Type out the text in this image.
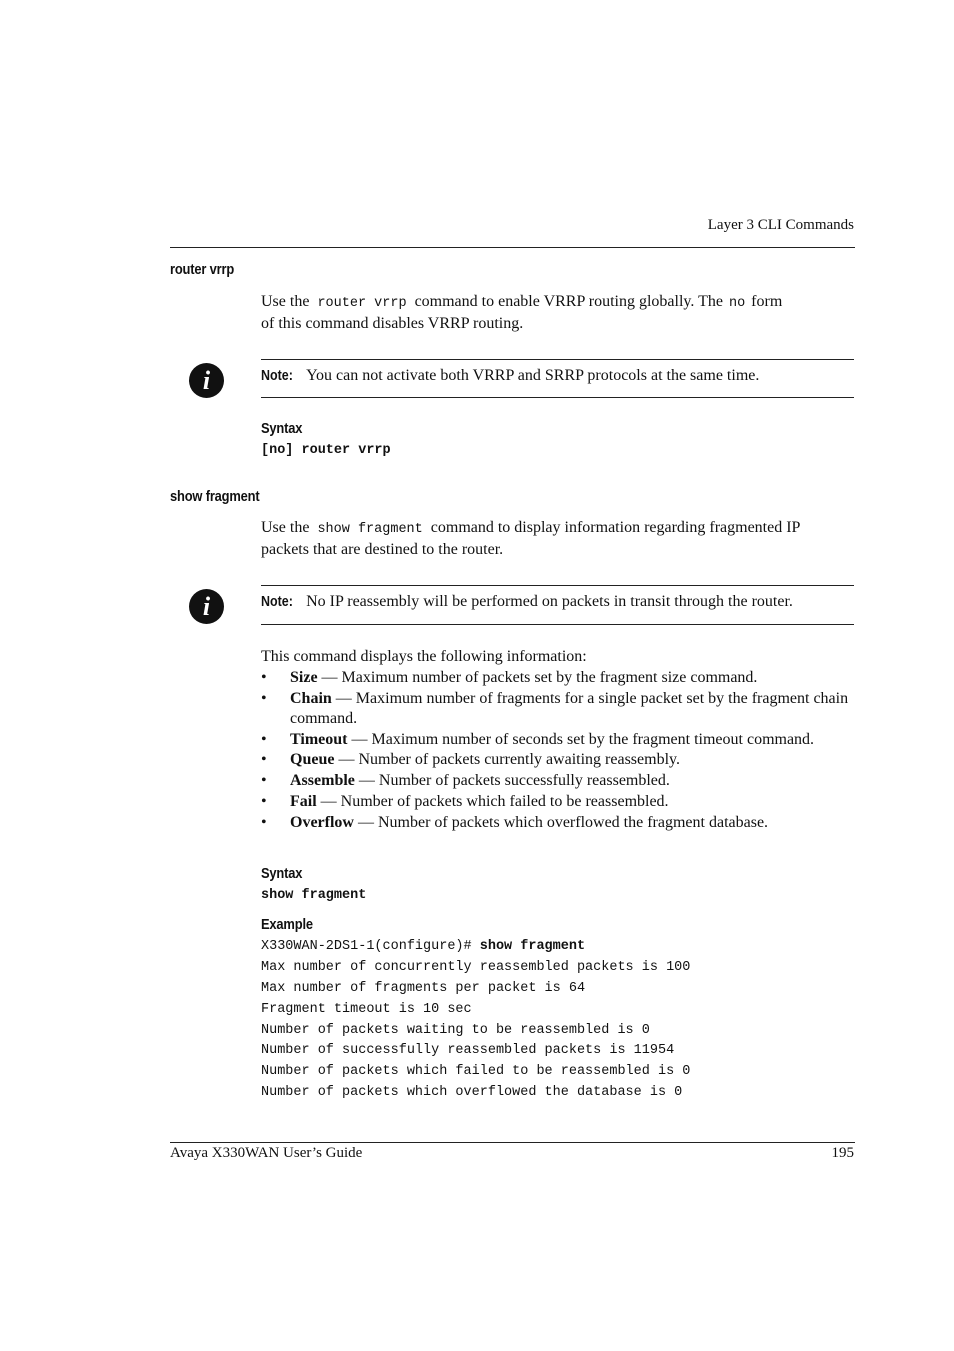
Layer 3 CLI Commands
router vrrp
Use the router vrrp command to enable VRRP routing globally. The no form
of this command disables VRRP routing.
i	Note: You can not activate both VRRP and SRRP protocols at the same time.
Syntax
[no] router vrrp
show fragment
Use the show fragment command to display information regarding fragmented IP
packets that are destined to the router.
i	Note: No IP reassembly will be performed on packets in transit through the router.
This command displays the following information:
• Size — Maximum number of packets set by the fragment size command.
• Chain — Maximum number of fragments for a single packet set by the fragment chain command.
• Timeout — Maximum number of seconds set by the fragment timeout command.
• Queue — Number of packets currently awaiting reassembly.
• Assemble — Number of packets successfully reassembled.
• Fail — Number of packets which failed to be reassembled.
• Overflow — Number of packets which overflowed the fragment database.
Syntax
show fragment
Example
X330WAN-2DS1-1(configure)# show fragment
Max number of concurrently reassembled packets is 100
Max number of fragments per packet is 64
Fragment timeout is 10 sec
Number of packets waiting to be reassembled is 0
Number of successfully reassembled packets is 11954
Number of packets which failed to be reassembled is 0
Number of packets which overflowed the database is 0
Avaya X330WAN User’s Guide	195
